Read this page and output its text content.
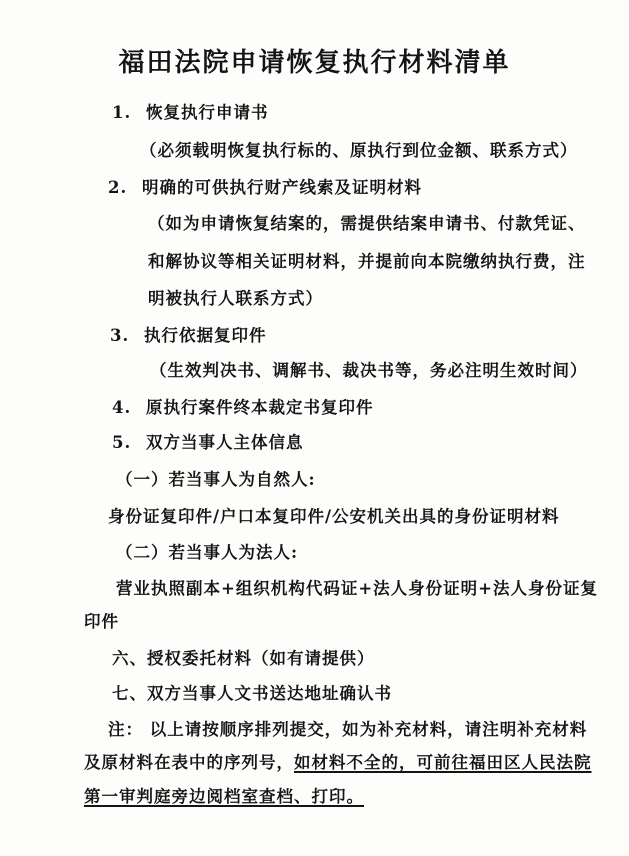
福田法院申请恢复执行材料清单
1. 恢复执行申请书
（必须载明恢复执行标的、原执行到位金额、联系方式）
2. 明确的可供执行财产线索及证明材料
（如为申请恢复结案的，需提供结案申请书、付款凭证、
和解协议等相关证明材料，并提前向本院缴纳执行费，注
明被执行人联系方式）
3. 执行依据复印件
（生效判决书、调解书、裁决书等，务必注明生效时间）
4. 原执行案件终本裁定书复印件
5. 双方当事人主体信息
（一）若当事人为自然人:
身份证复印件/户口本复印件/公安机关出具的身份证明材料
（二）若当事人为法人:
营业执照副本+组织机构代码证+法人身份证明+法人身份证复
印件
六、授权委托材料（如有请提供）
七、双方当事人文书送达地址确认书
注： 以上请按顺序排列提交，如为补充材料，请注明补充材料
及原材料在表中的序列号，如材料不全的，可前往福田区人民法院
第一审判庭旁边阅档室查档、打印。
